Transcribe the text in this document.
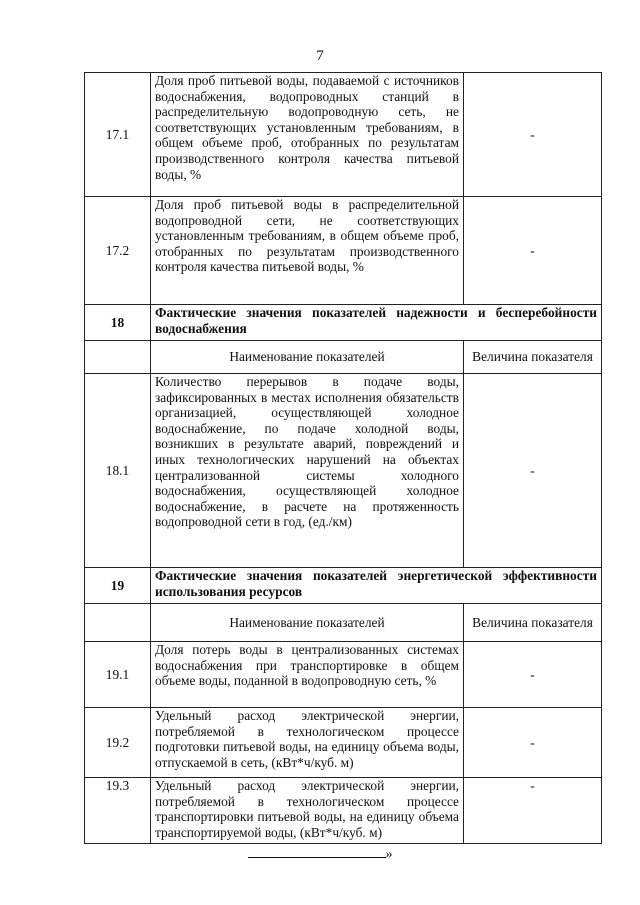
7
17.1	Доля проб питьевой воды, подаваемой с источников водоснабжения, водопроводных станций в распределительную водопроводную сеть, не соответствующих установленным требованиям, в общем объеме проб, отобранных по результатам производственного контроля качества питьевой воды, %	-
17.2	Доля проб питьевой воды в распределительной водопроводной сети, не соответствующих установленным требованиям, в общем объеме проб, отобранных по результатам производственного контроля качества питьевой воды, %	-
18	Фактические значения показателей надежности и бесперебойности водоснабжения	
	Наименование показателей	Величина показателя
18.1	Количество перерывов в подаче воды, зафиксированных в местах исполнения обязательств организацией, осуществляющей холодное водоснабжение, по подаче холодной воды, возникших в результате аварий, повреждений и иных технологических нарушений на объектах централизованной системы холодного водоснабжения, осуществляющей холодное водоснабжение, в расчете на протяженность водопроводной сети в год, (ед./км)	-
19	Фактические значения показателей энергетической эффективности использования ресурсов	
	Наименование показателей	Величина показателя
19.1	Доля потерь воды в централизованных системах водоснабжения при транспортировке в общем объеме воды, поданной в водопроводную сеть, %	-
19.2	Удельный расход электрической энергии, потребляемой в технологическом процессе подготовки питьевой воды, на единицу объема воды, отпускаемой в сеть, (кВт*ч/куб. м)	-
19.3	Удельный расход электрической энергии, потребляемой в технологическом процессе транспортировки питьевой воды, на единицу объема транспортируемой воды, (кВт*ч/куб. м)	-
»
